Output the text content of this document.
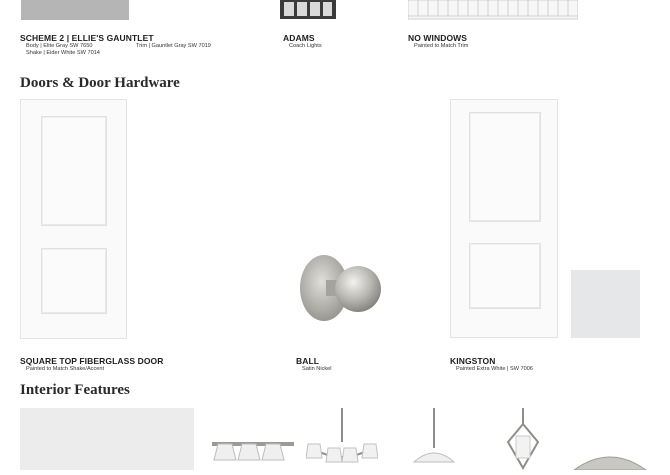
SCHEME 2 | ELLIE'S GAUNTLET
Body | Elite Gray SW 7650	Trim | Gauntlet Gray SW 7019
Shake | Eider White SW 7014
ADAMS
Coach Lights
NO WINDOWS
Painted to Match Trim
Doors & Door Hardware
SQUARE TOP FIBERGLASS DOOR
Painted to Match Shake/Accent
BALL
Satin Nickel
KINGSTON
Painted Extra White | SW 7006
Interior Features
